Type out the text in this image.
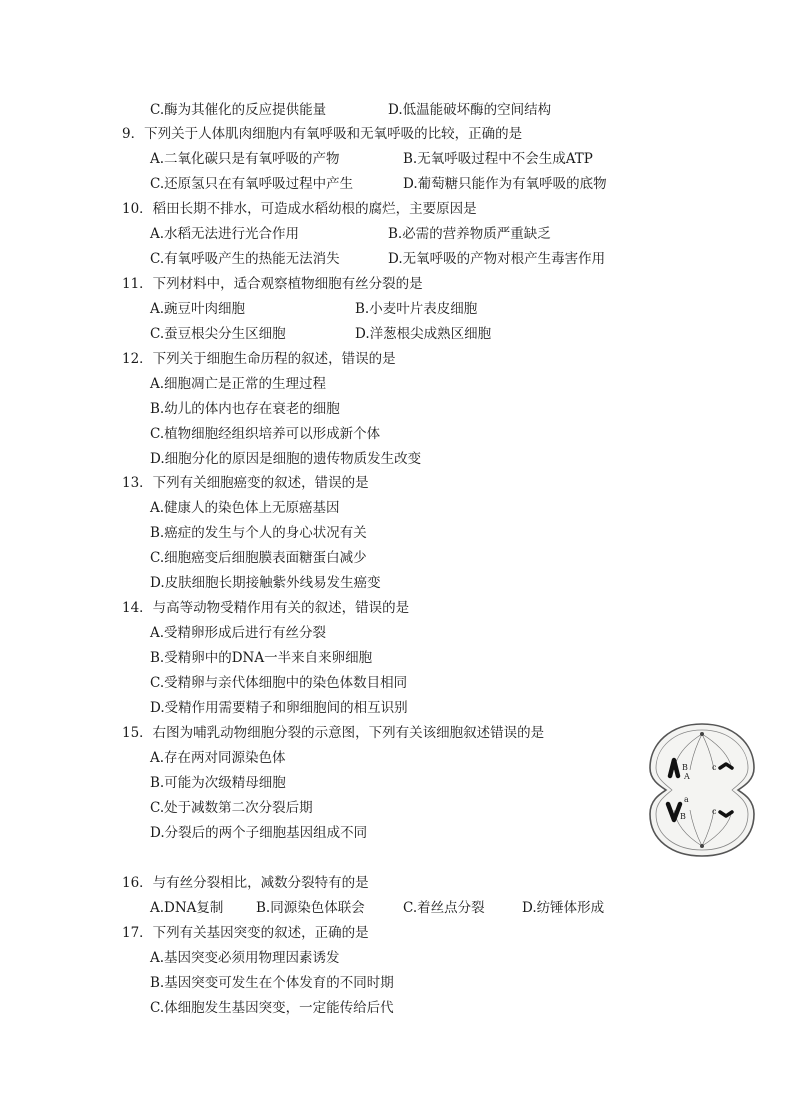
C.酶为其催化的反应提供能量	D.低温能破坏酶的空间结构
9．下列关于人体肌肉细胞内有氧呼吸和无氧呼吸的比较，正确的是
A.二氧化碳只是有氧呼吸的产物	B.无氧呼吸过程中不会生成ATP
C.还原氢只在有氧呼吸过程中产生	D.葡萄糖只能作为有氧呼吸的底物
10．稻田长期不排水，可造成水稻幼根的腐烂，主要原因是
A.水稻无法进行光合作用	B.必需的营养物质严重缺乏
C.有氧呼吸产生的热能无法消失	D.无氧呼吸的产物对根产生毒害作用
11．下列材料中，适合观察植物细胞有丝分裂的是
A.豌豆叶肉细胞	B.小麦叶片表皮细胞
C.蚕豆根尖分生区细胞	D.洋葱根尖成熟区细胞
12．下列关于细胞生命历程的叙述，错误的是
A.细胞凋亡是正常的生理过程
B.幼儿的体内也存在衰老的细胞
C.植物细胞经组织培养可以形成新个体
D.细胞分化的原因是细胞的遗传物质发生改变
13．下列有关细胞癌变的叙述，错误的是
A.健康人的染色体上无原癌基因
B.癌症的发生与个人的身心状况有关
C.细胞癌变后细胞膜表面糖蛋白减少
D.皮肤细胞长期接触紫外线易发生癌变
14．与高等动物受精作用有关的叙述，错误的是
A.受精卵形成后进行有丝分裂
B.受精卵中的DNA一半来自来卵细胞
C.受精卵与亲代体细胞中的染色体数目相同
D.受精作用需要精子和卵细胞间的相互识别
15．右图为哺乳动物细胞分裂的示意图，下列有关该细胞叙述错误的是
A.存在两对同源染色体
B.可能为次级精母细胞
C.处于减数第二次分裂后期
D.分裂后的两个子细胞基因组成不同
B
A
c
a
B
c
16．与有丝分裂相比，减数分裂特有的是
A.DNA复制 B.同源染色体联会	C.着丝点分裂	D.纺锤体形成
17．下列有关基因突变的叙述，正确的是
A.基因突变必须用物理因素诱发
B.基因突变可发生在个体发育的不同时期
C.体细胞发生基因突变，一定能传给后代
